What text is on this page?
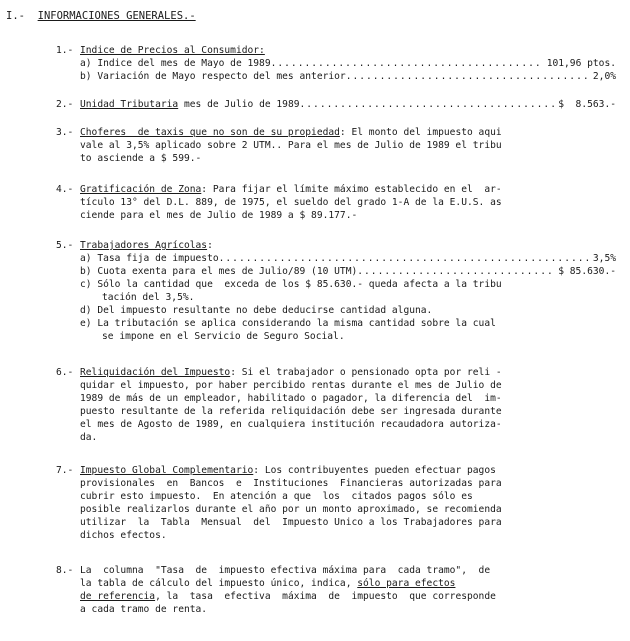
I.- INFORMACIONES GENERALES.-
1.- Indice de Precios al Consumidor:
a) Indice del mes de Mayo de 1989 .....	101,96 ptos.
b) Variación de Mayo respecto del mes anterior .....	2,0%
2.- Unidad Tributaria mes de Julio de 1989 .....	$  8.563.-
3.- Choferes  de taxis que no son de su propiedad: El monto del impuesto aqui
vale al 3,5% aplicado sobre 2 UTM.. Para el mes de Julio de 1989 el tribu
to asciende a $ 599.-
4.- Gratificación de Zona: Para fijar el límite máximo establecido en el  ar-
tículo 13° del D.L. 889, de 1975, el sueldo del grado 1-A de la E.U.S. as
ciende para el mes de Julio de 1989 a $ 89.177.-
5.- Trabajadores Agrícolas:
a) Tasa fija de impuesto .....	3,5%
b) Cuota exenta para el mes de Julio/89 (10 UTM) .....	$ 85.630.-
c) Sólo la cantidad que  exceda de los $ 85.630.- queda afecta a la tribu
tación del 3,5%.
d) Del impuesto resultante no debe deducirse cantidad alguna.
e) La tributación se aplica considerando la misma cantidad sobre la cual
se impone en el Servicio de Seguro Social.
6.- Reliquidación del Impuesto: Si el trabajador o pensionado opta por reli -
quidar el impuesto, por haber percibido rentas durante el mes de Julio de
1989 de más de un empleador, habilitado o pagador, la diferencia del  im-
puesto resultante de la referida reliquidación debe ser ingresada durante
el mes de Agosto de 1989, en cualquiera institución recaudadora autoriza-
da.
7.- Impuesto Global Complementario: Los contribuyentes pueden efectuar pagos
provisionales  en  Bancos  e  Instituciones  Financieras autorizadas para
cubrir esto impuesto.  En atención a que  los  citados pagos sólo es
posible realizarlos durante el año por un monto aproximado, se recomienda
utilizar  la  Tabla  Mensual  del  Impuesto Unico a los Trabajadores para
dichos efectos.
8.- La  columna  "Tasa  de  impuesto efectiva máxima para  cada tramo",  de
la tabla de cálculo del impuesto único, indica, sólo para efectos
de referencia, la  tasa  efectiva  máxima  de  impuesto  que corresponde
a cada tramo de renta.
